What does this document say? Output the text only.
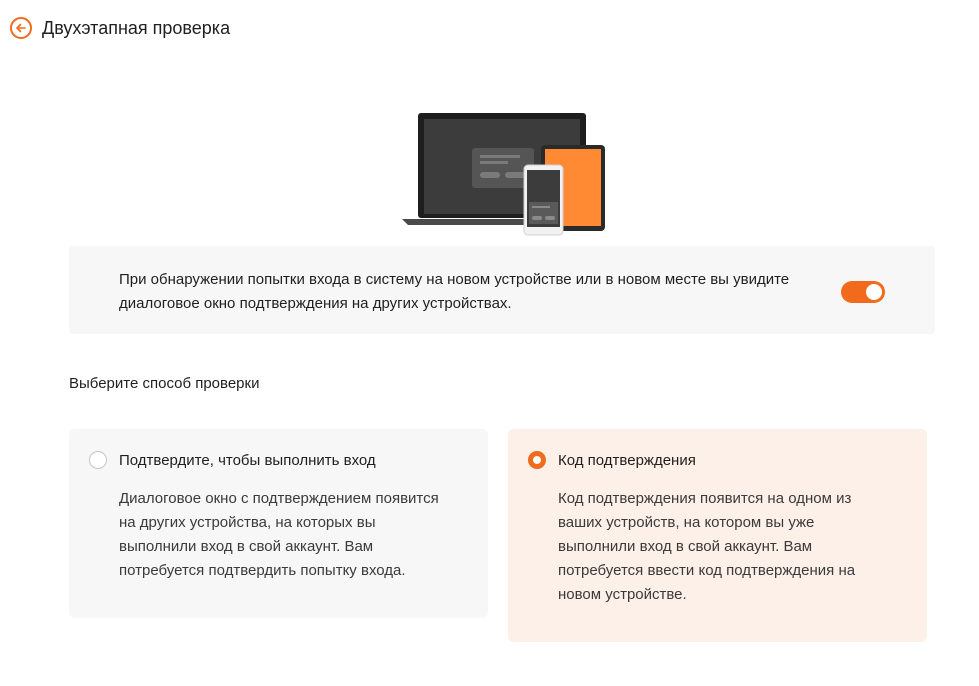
Двухэтапная проверка
При обнаружении попытки входа в систему на новом устройстве или в новом месте вы увидите диалоговое окно подтверждения на других устройствах.
Выберите способ проверки
Подтвердите, чтобы выполнить вход
Диалоговое окно с подтверждением появится на других устройства, на которых вы выполнили вход в свой аккаунт. Вам потребуется подтвердить попытку входа.
Код подтверждения
Код подтверждения появится на одном из ваших устройств, на котором вы уже выполнили вход в свой аккаунт. Вам потребуется ввести код подтверждения на новом устройстве.
